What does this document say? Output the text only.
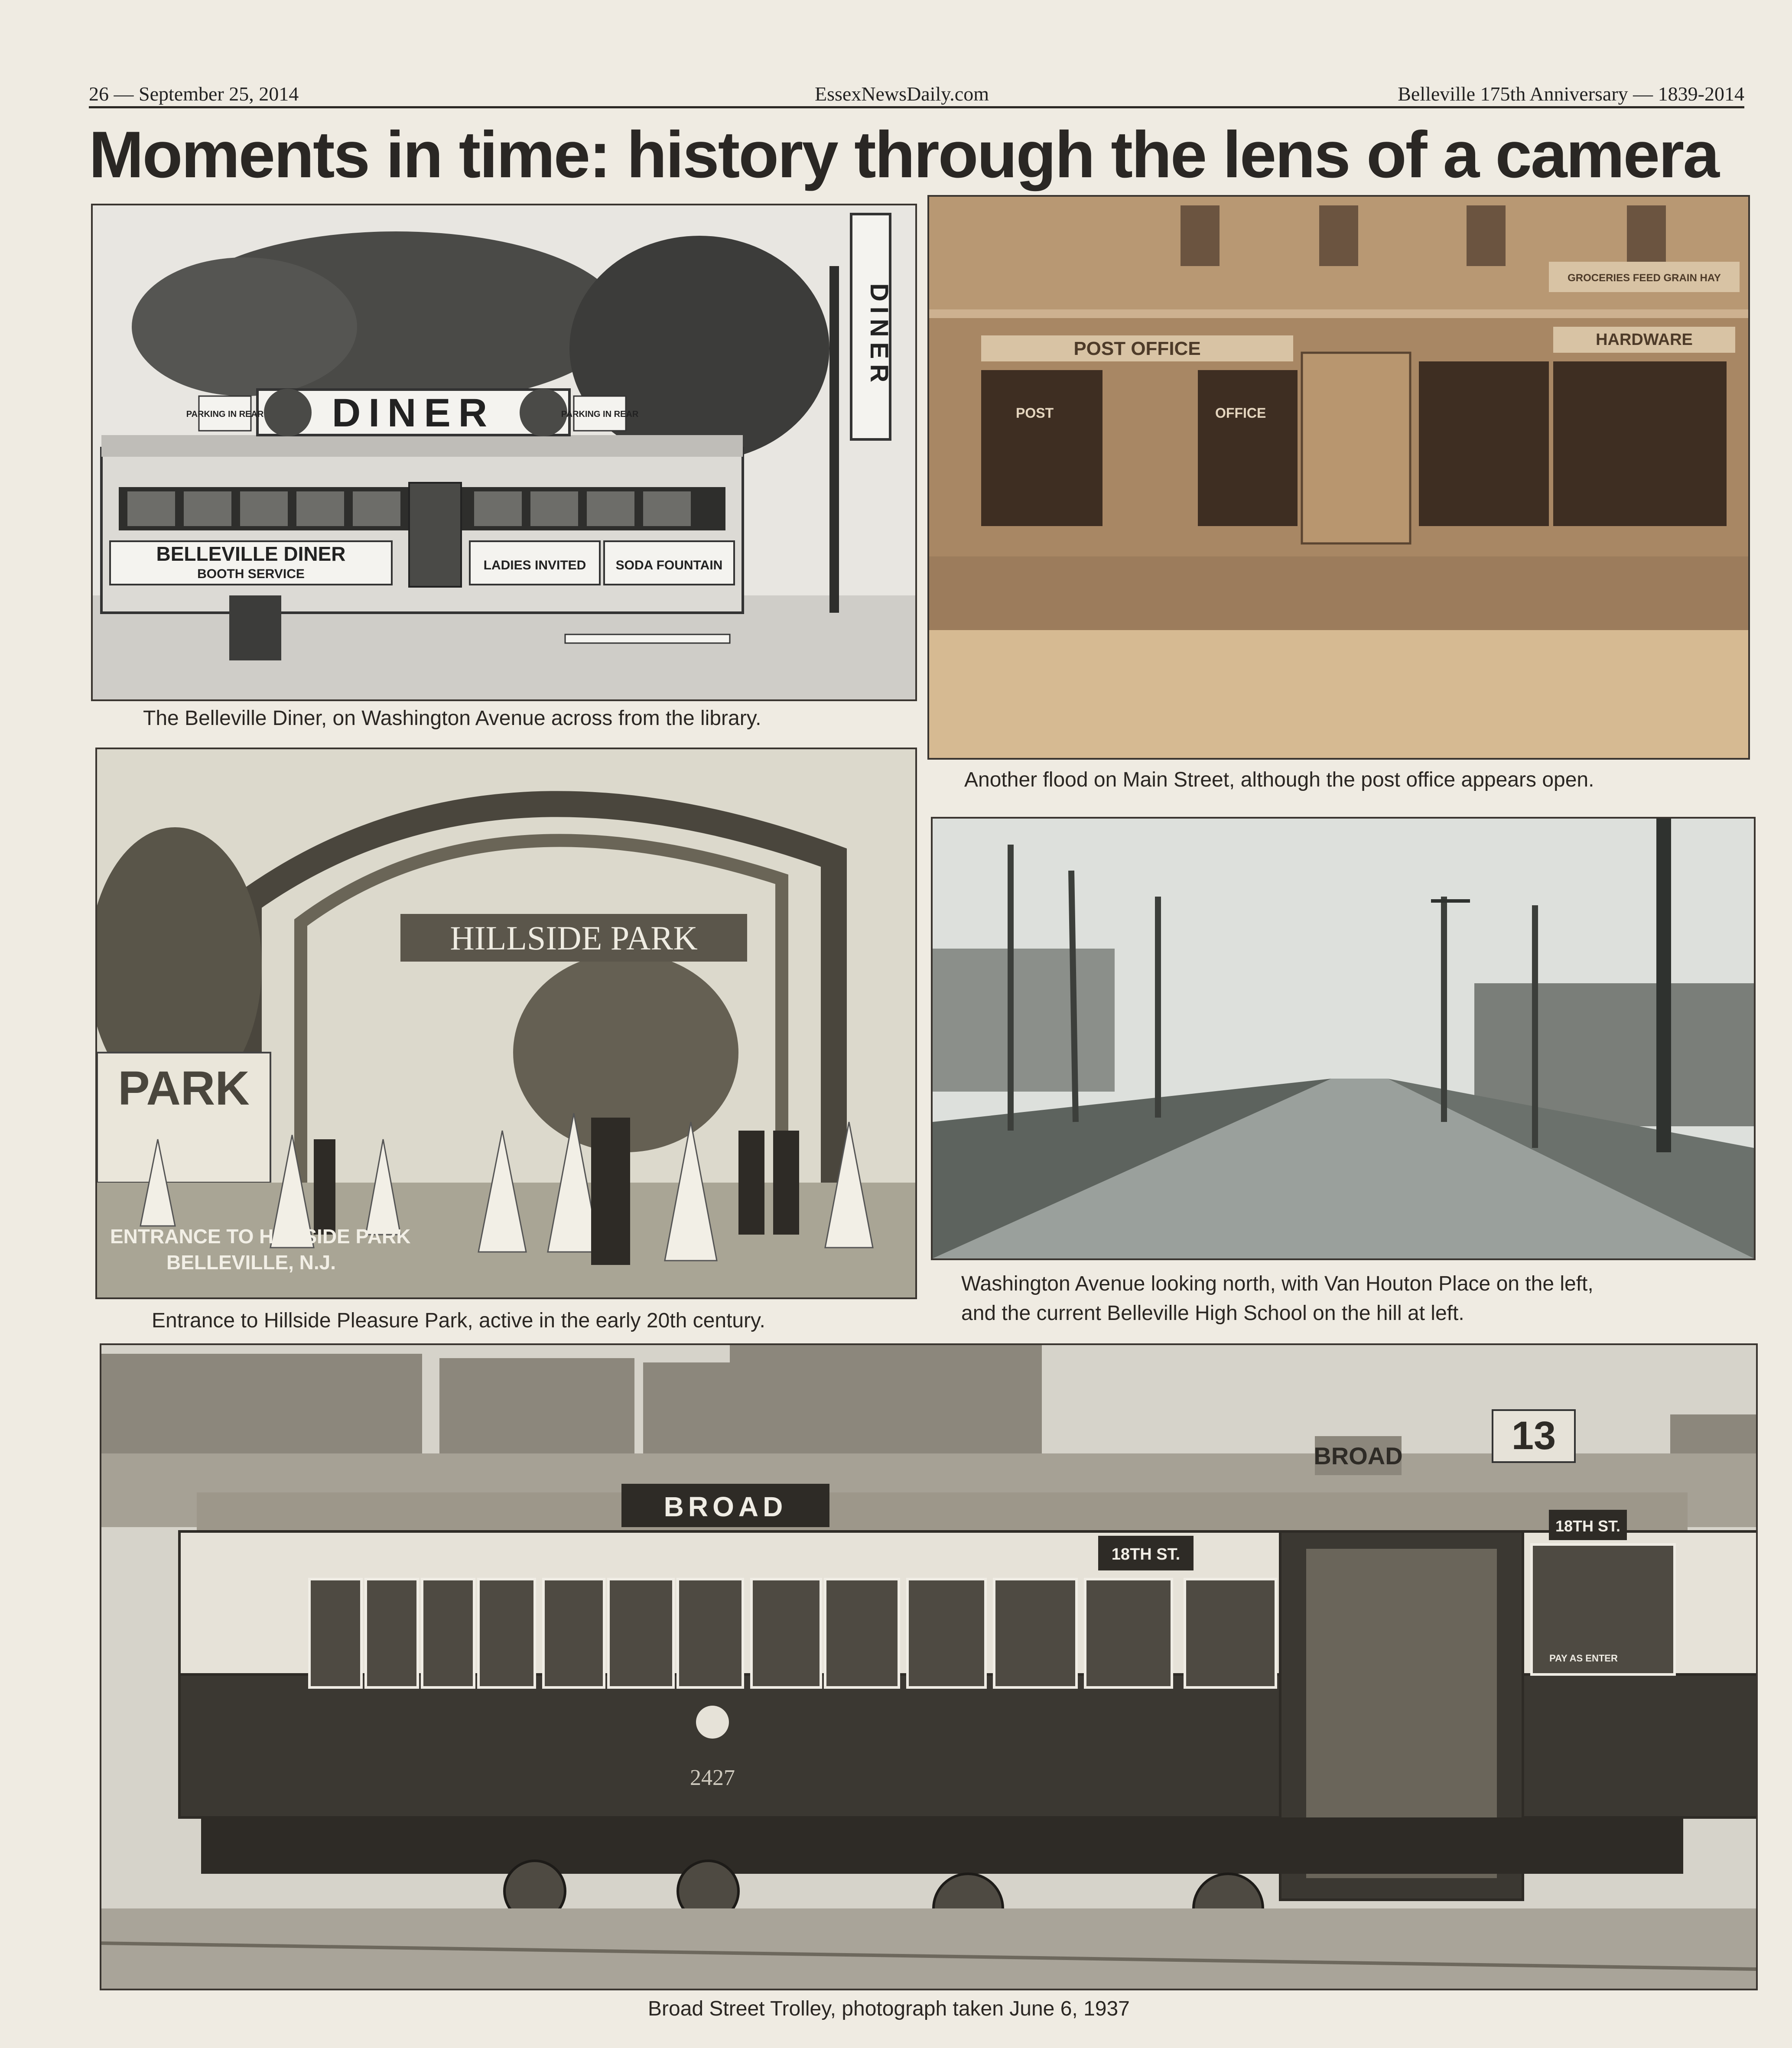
26 — September 25, 2014	EssexNewsDaily.com	Belleville 175th Anniversary — 1839-2014
Moments in time: history through the lens of a camera
DINER
PARKING IN REAR	PARKING IN REAR
BELLEVILLE DINER
BOOTH SERVICE
LADIES INVITED SODA FOUNTAIN
DINER
The Belleville Diner, on Washington Avenue across from the library.
POST OFFICE
GROCERIES FEED GRAIN HAY
HARDWARE
POST	OFFICE
Another flood on Main Street, although the post office appears open.
HILLSIDE PARK
PARK
ENTRANCE TO HILLSIDE PARK
BELLEVILLE, N.J.
Entrance to Hillside Pleasure Park, active in the early 20th century.
Washington Avenue looking north, with Van Houton Place on the left,
and the current Belleville High School on the hill at left.
BROAD
BROAD	13
18TH ST.
18TH ST.
PAY AS ENTER
2427
Broad Street Trolley, photograph taken June 6, 1937
